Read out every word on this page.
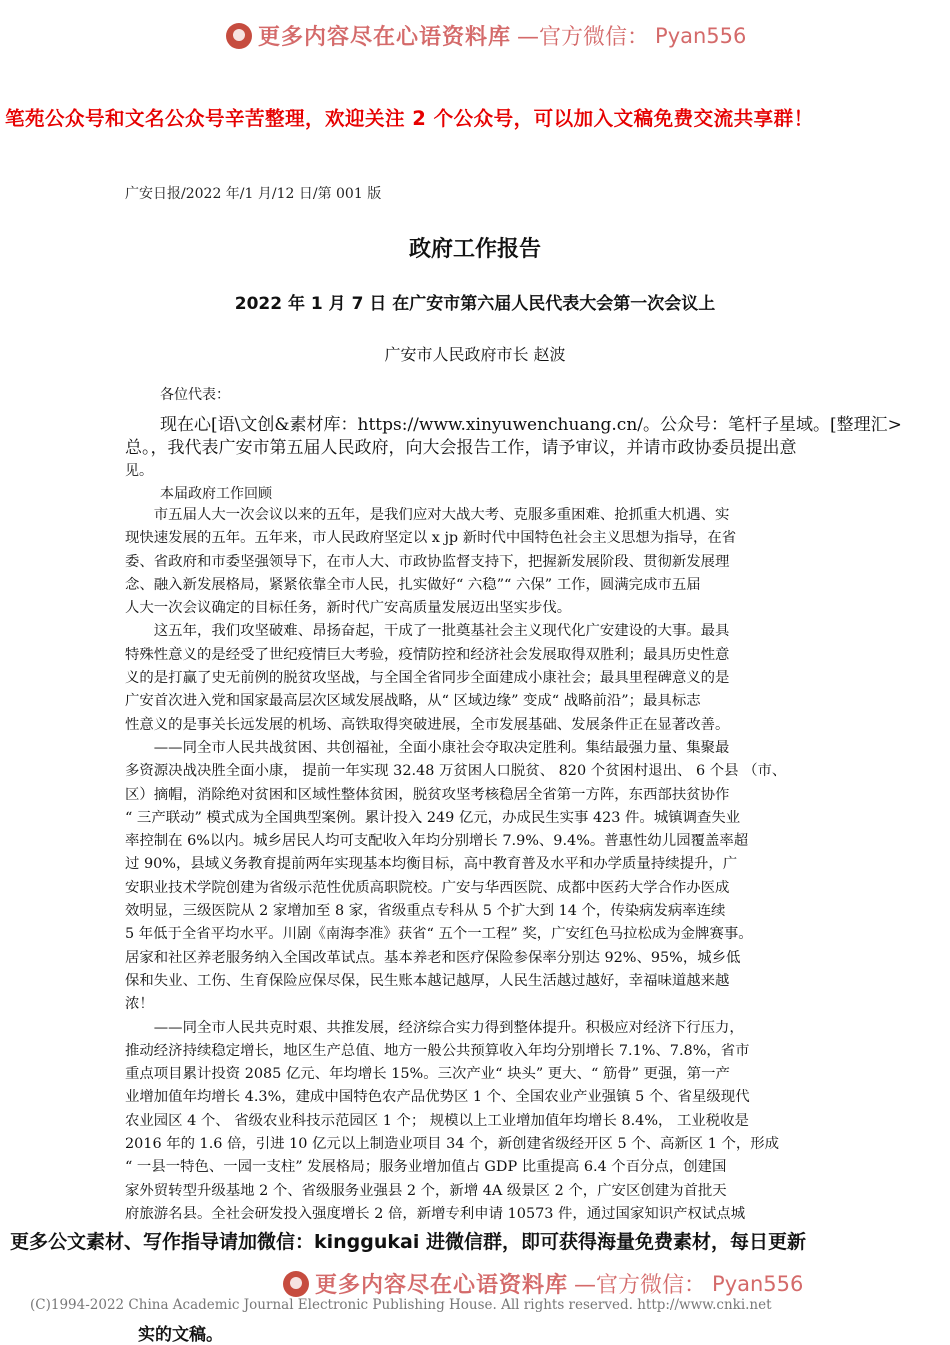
更多内容尽在心语资料库 —官方微信： Pyan556
笔苑公众号和文名公众号辛苦整理，欢迎关注 2 个公众号，可以加入文稿免费交流共享群！
广安日报/2022 年/1 月/12 日/第 001 版
政府工作报告
2022 年 1 月 7 日 在广安市第六届人民代表大会第一次会议上
广安市人民政府市长 赵波
各位代表：
现在心[语\文创&素材库：https://www.xinyuwenchuang.cn/。公众号：笔杆子星域。[整理汇>
总。，我代表广安市第五届人民政府，向大会报告工作，请予审议，并请市政协委员提出意
见。
本届政府工作回顾

　　市五届人大一次会议以来的五年，是我们应对大战大考、克服多重困难、抢抓重大机遇、实

现快速发展的五年。五年来，市人民政府坚定以 x jp 新时代中国特色社会主义思想为指导，在省

委、省政府和市委坚强领导下，在市人大、市政协监督支持下，把握新发展阶段、贯彻新发展理

念、融入新发展格局，紧紧依靠全市人民，扎实做好“ 六稳”“ 六保” 工作，圆满完成市五届

人大一次会议确定的目标任务，新时代广安高质量发展迈出坚实步伐。

　　这五年，我们攻坚破难、昂扬奋起，干成了一批奠基社会主义现代化广安建设的大事。最具

特殊性意义的是经受了世纪疫情巨大考验，疫情防控和经济社会发展取得双胜利；最具历史性意

义的是打赢了史无前例的脱贫攻坚战，与全国全省同步全面建成小康社会；最具里程碑意义的是

广安首次进入党和国家最高层次区域发展战略，从“ 区域边缘” 变成“ 战略前沿”；最具标志

性意义的是事关长远发展的机场、高铁取得突破进展，全市发展基础、发展条件正在显著改善。

　　——同全市人民共战贫困、共创福祉，全面小康社会夺取决定胜利。集结最强力量、集聚最

多资源决战决胜全面小康， 提前一年实现 32.48 万贫困人口脱贫、 820 个贫困村退出、 6 个县 （市、

区）摘帽，消除绝对贫困和区域性整体贫困，脱贫攻坚考核稳居全省第一方阵，东西部扶贫协作

“ 三产联动” 模式成为全国典型案例。累计投入 249 亿元，办成民生实事 423 件。城镇调查失业

率控制在 6%以内。城乡居民人均可支配收入年均分别增长 7.9%、9.4%。普惠性幼儿园覆盖率超

过 90%，县域义务教育提前两年实现基本均衡目标，高中教育普及水平和办学质量持续提升，广

安职业技术学院创建为省级示范性优质高职院校。广安与华西医院、成都中医药大学合作办医成

效明显，三级医院从 2 家增加至 8 家，省级重点专科从 5 个扩大到 14 个，传染病发病率连续

5 年低于全省平均水平。川剧《南海李准》获省“ 五个一工程” 奖，广安红色马拉松成为金牌赛事。

居家和社区养老服务纳入全国改革试点。基本养老和医疗保险参保率分别达 92%、95%，城乡低

保和失业、工伤、生育保险应保尽保，民生账本越记越厚，人民生活越过越好，幸福味道越来越

浓！

　　——同全市人民共克时艰、共推发展，经济综合实力得到整体提升。积极应对经济下行压力，

推动经济持续稳定增长，地区生产总值、地方一般公共预算收入年均分别增长 7.1%、7.8%，省市

重点项目累计投资 2085 亿元、年均增长 15%。三次产业“ 块头” 更大、“ 筋骨” 更强，第一产

业增加值年均增长 4.3%，建成中国特色农产品优势区 1 个、全国农业产业强镇 5 个、省星级现代

农业园区 4 个、 省级农业科技示范园区 1 个； 规模以上工业增加值年均增长 8.4%， 工业税收是

2016 年的 1.6 倍，引进 10 亿元以上制造业项目 34 个，新创建省级经开区 5 个、高新区 1 个，形成

“ 一县一特色、一园一支柱” 发展格局；服务业增加值占 GDP 比重提高 6.4 个百分点，创建国

家外贸转型升级基地 2 个、省级服务业强县 2 个，新增 4A 级景区 2 个，广安区创建为首批天

府旅游名县。全社会研发投入强度增长 2 倍，新增专利申请 10573 件，通过国家知识产权试点城

更多公文素材、写作指导请加微信：kinggukai 进微信群，即可获得海量免费素材，每日更新
更多内容尽在心语资料库 —官方微信： Pyan556
(C)1994-2022 China Academic Journal Electronic Publishing House. All rights reserved. http://www.cnki.net
实的文稿。
